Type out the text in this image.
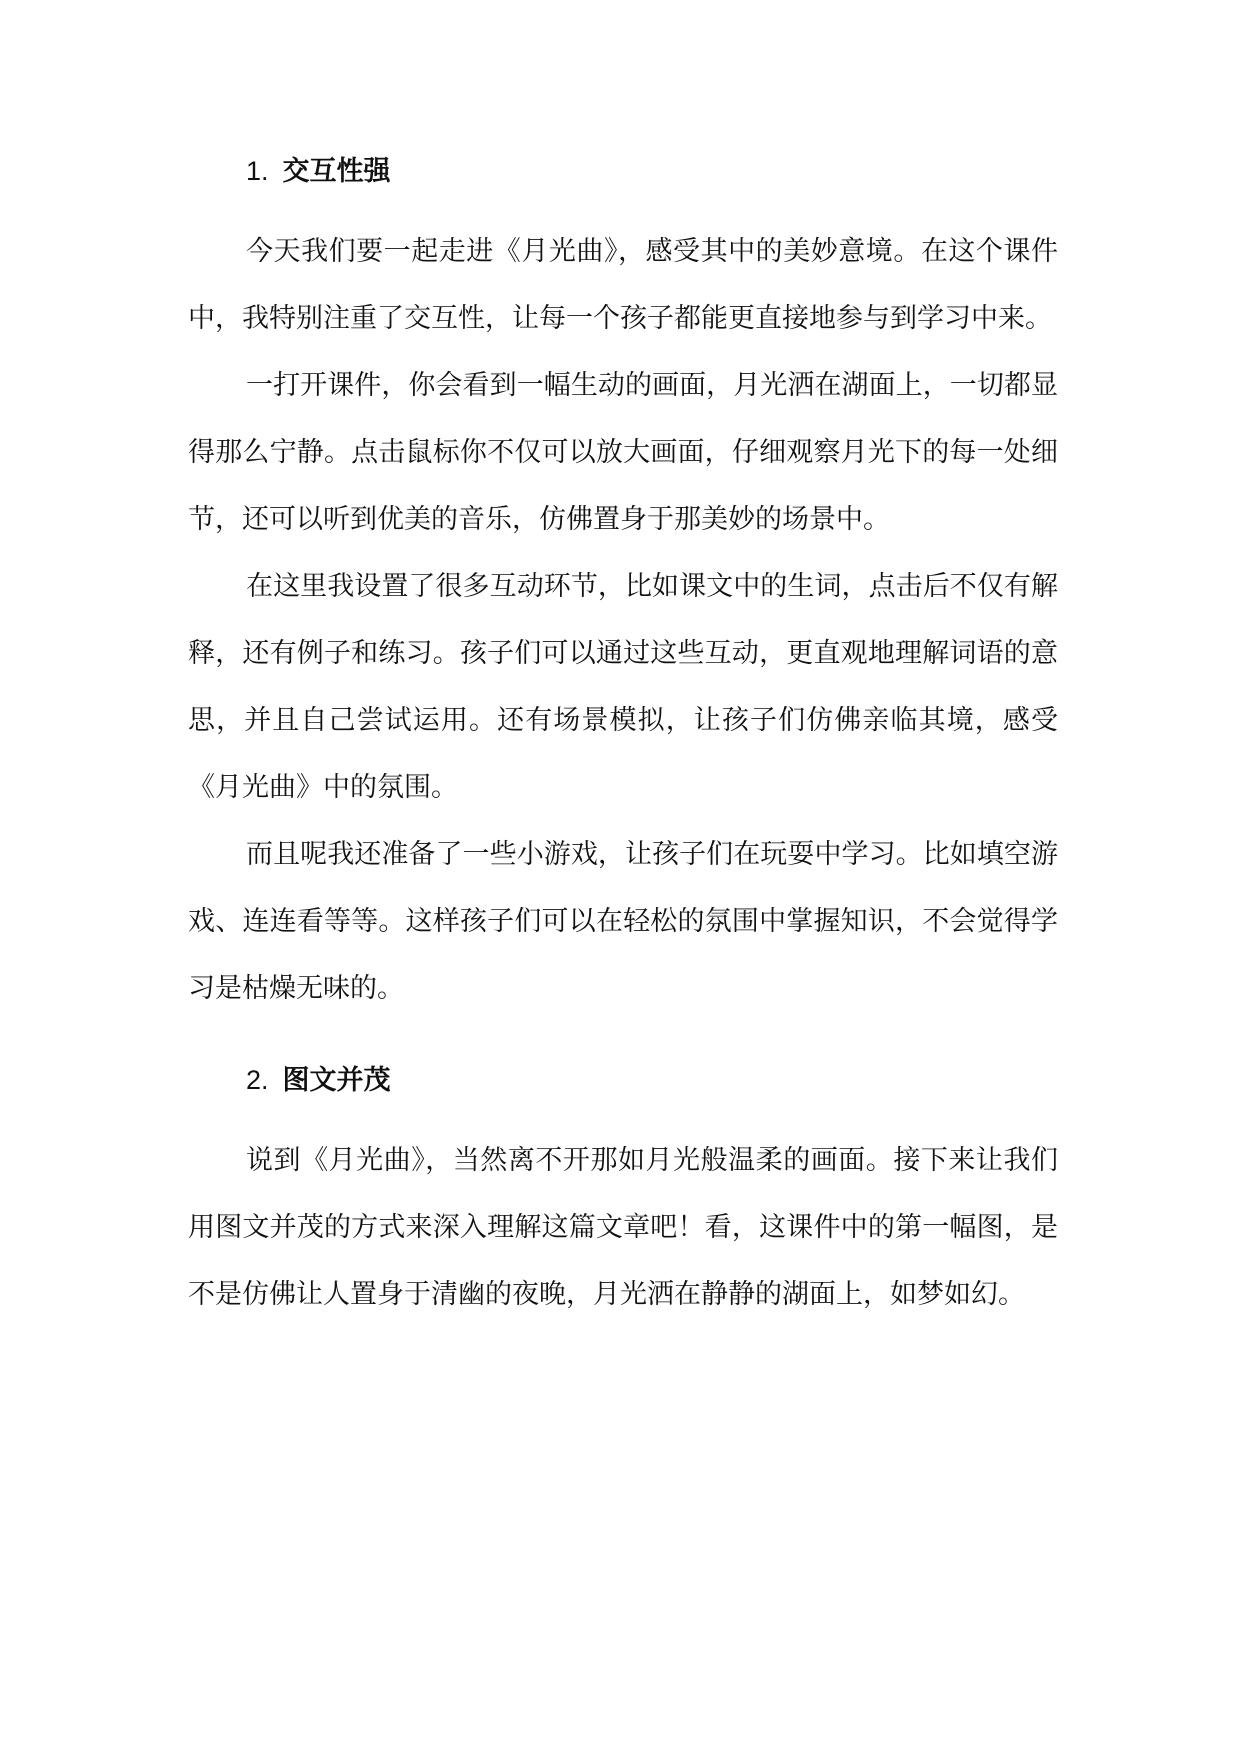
1. 交互性强

今天我们要一起走进《月光曲》，感受其中的美妙意境。在这个课件中，我特别注重了交互性，让每一个孩子都能更直接地参与到学习中来。

一打开课件，你会看到一幅生动的画面，月光洒在湖面上，一切都显得那么宁静。点击鼠标你不仅可以放大画面，仔细观察月光下的每一处细节，还可以听到优美的音乐，仿佛置身于那美妙的场景中。

在这里我设置了很多互动环节，比如课文中的生词，点击后不仅有解释，还有例子和练习。孩子们可以通过这些互动，更直观地理解词语的意思，并且自己尝试运用。还有场景模拟，让孩子们仿佛亲临其境，感受《月光曲》中的氛围。

而且呢我还准备了一些小游戏，让孩子们在玩耍中学习。比如填空游戏、连连看等等。这样孩子们可以在轻松的氛围中掌握知识，不会觉得学习是枯燥无味的。

2. 图文并茂

说到《月光曲》，当然离不开那如月光般温柔的画面。接下来让我们用图文并茂的方式来深入理解这篇文章吧！看，这课件中的第一幅图，是不是仿佛让人置身于清幽的夜晚，月光洒在静静的湖面上，如梦如幻。
